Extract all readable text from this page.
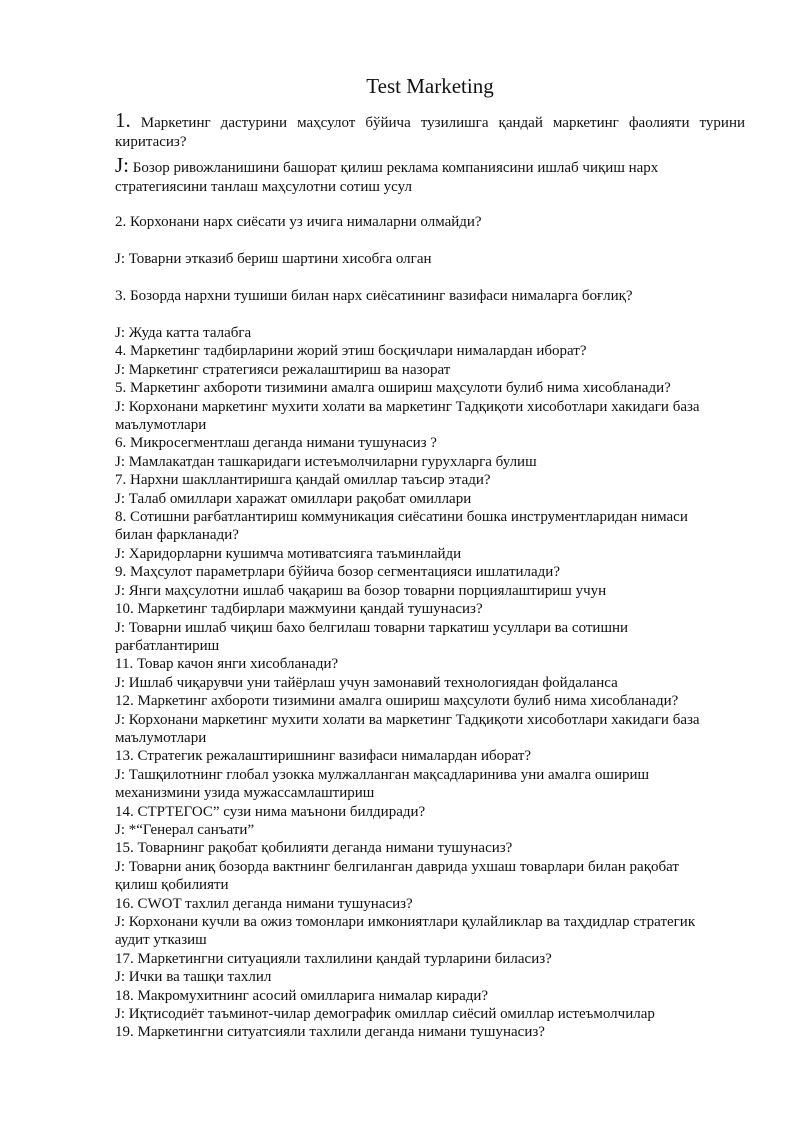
Test Marketing

1. Маркетинг дастурини маҳсулот бўйича тузилишга қандай маркетинг фаолияти турини киритасиз?

J: Бозор ривожланишини башорат қилиш реклама компаниясини ишлаб чиқиш нарх стратегиясини танлаш маҳсулотни сотиш усул

2. Корхонани нарх сиёсати уз ичига нималарни олмайди?

J: Товарни этказиб бериш шартини хисобга олган

3. Бозорда нархни тушиши билан нарх сиёсатининг вазифаси нималарга боғлиқ?

J: Жуда катта талабга

4. Маркетинг тадбирларини жорий этиш босқичлари нималардан иборат?

J: Маркетинг стратегияси режалаштириш ва назорат

5. Маркетинг ахбороти тизимини амалга ошириш маҳсулоти булиб нима хисобланади?

J: Корхонани маркетинг мухити холати ва маркетинг Тадқиқоти хисоботлари хакидаги база

маълумотлари

6. Микросегментлаш деганда нимани тушунасиз ?

J: Мамлакатдан ташкаридаги истеъмолчиларни гурухларга булиш

7. Нархни шакллантиришга қандай омиллар таъсир этади?

J: Талаб омиллари харажат омиллари рақобат омиллари

8. Сотишни рағбатлантириш коммуникация сиёсатини бошка инструментларидан нимаси

билан фаркланади?

J: Харидорларни кушимча мотиватсияга таъминлайди

9. Маҳсулот параметрлари бўйича бозор сегментацияси ишлатилади?

J: Янги маҳсулотни ишлаб чақариш ва бозор товарни порциялаштириш учун

10. Маркетинг тадбирлари мажмуини қандай тушунасиз?

J: Товарни ишлаб чиқиш бахо белгилаш товарни таркатиш усуллари ва сотишни

рағбатлантириш

11. Товар качон янги хисобланади?

J: Ишлаб чиқарувчи уни тайёрлаш учун замонавий технологиядан фойдаланса

12. Маркетинг ахбороти тизимини амалга ошириш маҳсулоти булиб нима хисобланади?

J: Корхонани маркетинг мухити холати ва маркетинг Тадқиқоти хисоботлари хакидаги база

маълумотлари

13. Стратегик режалаштиришнинг вазифаси нималардан иборат?

J: Ташқилотнинг глобал узокка мулжалланган мақсадларинива уни амалга ошириш

механизмини узида мужассамлаштириш

14. СТРТЕГОС” сузи нима маънони билдиради?

J: *“Генерал санъати”

15. Товарнинг рақобат қобилияти деганда нимани тушунасиз?

J: Товарни аниқ бозорда вактнинг белгиланган даврида ухшаш товарлари билан рақобат

қилиш қобилияти

16. СWOT тахлил деганда нимани тушунасиз?

J: Корхонани кучли ва ожиз томонлари имкониятлари қулайликлар ва таҳдидлар стратегик

аудит утказиш

17. Маркетингни ситуацияли тахлилини қандай турларини биласиз?

J: Ички ва ташқи тахлил

18. Макромухитнинг асосий омилларига нималар киради?

J: Иқтисодиёт таъминот-чилар демографик омиллар сиёсий омиллар истеъмолчилар

19. Маркетингни ситуатсияли тахлили деганда нимани тушунасиз?
